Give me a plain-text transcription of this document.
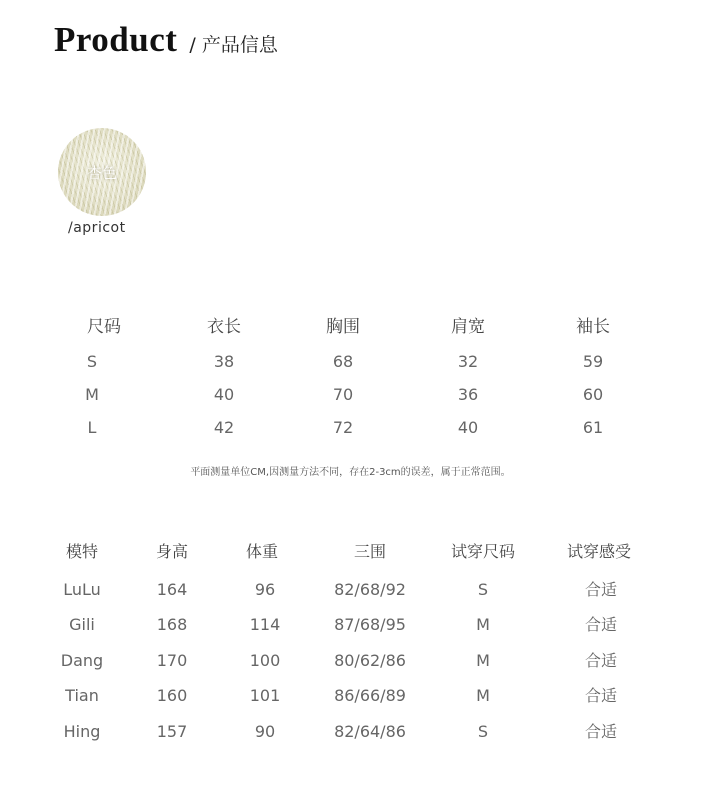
Product / 产品信息
杏色
/apricot
尺码	衣长	胸围	肩宽	袖长
S	38	68	32	59
M	40	70	36	60
L	42	72	40	61
平面测量单位CM,因测量方法不同，存在2-3cm的误差，属于正常范围。
模特	身高	体重	三围	试穿尺码	试穿感受
LuLu	164	96	82/68/92	S	合适
Gili	168	114	87/68/95	M	合适
Dang	170	100	80/62/86	M	合适
Tian	160	101	86/66/89	M	合适
Hing	157	90	82/64/86	S	合适
